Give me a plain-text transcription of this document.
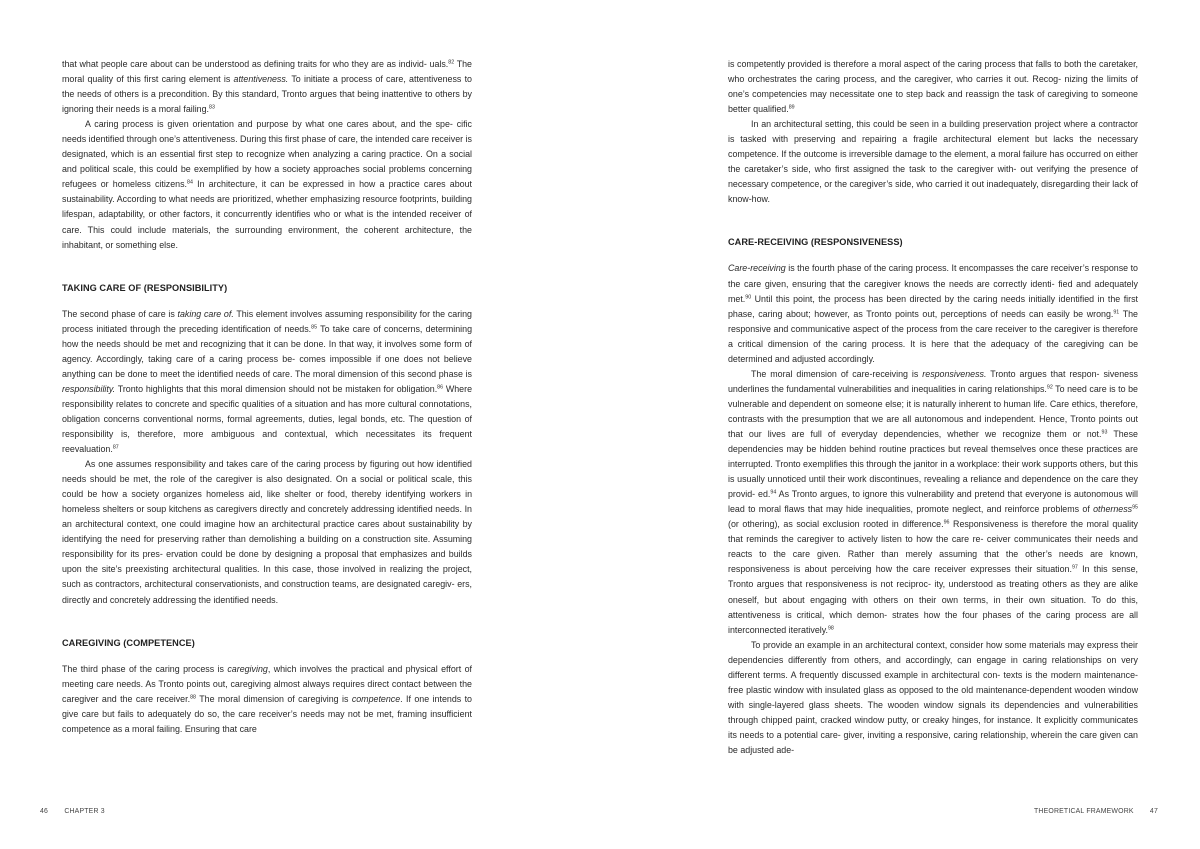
that what people care about can be understood as defining traits for who they are as individ- uals.$^{82}$ The moral quality of this first caring element is attentiveness. To initiate a process of care, attentiveness to the needs of others is a precondition. By this standard, Tronto argues that being inattentive to others by ignoring their needs is a moral failing.$^{83}$

A caring process is given orientation and purpose by what one cares about, and the spe- cific needs identified through one’s attentiveness. During this first phase of care, the intended care receiver is designated, which is an essential first step to recognize when analyzing a caring practice. On a social and political scale, this could be exemplified by how a society approaches social problems concerning refugees or homeless citizens.$^{84}$ In architecture, it can be expressed in how a practice cares about sustainability. According to what needs are prioritized, whether emphasizing resource footprints, building lifespan, adaptability, or other factors, it concurrently identifies who or what is the intended receiver of care. This could include materials, the surrounding environment, the coherent architecture, the inhabitant, or something else.

TAKING CARE OF (RESPONSIBILITY)

The second phase of care is taking care of. This element involves assuming responsibility for the caring process initiated through the preceding identification of needs.$^{85}$ To take care of concerns, determining how the needs should be met and recognizing that it can be done. In that way, it involves some form of agency. Accordingly, taking care of a caring process be- comes impossible if one does not believe anything can be done to meet the identified needs of care. The moral dimension of this second phase is responsibility. Tronto highlights that this moral dimension should not be mistaken for obligation.$^{86}$ Where responsibility relates to concrete and specific qualities of a situation and has more cultural connotations, obligation concerns conventional norms, formal agreements, duties, legal bonds, etc. The question of responsibility is, therefore, more ambiguous and contextual, which necessitates its frequent reevaluation.$^{87}$

As one assumes responsibility and takes care of the caring process by figuring out how identified needs should be met, the role of the caregiver is also designated. On a social or political scale, this could be how a society organizes homeless aid, like shelter or food, thereby identifying workers in homeless shelters or soup kitchens as caregivers directly and concretely addressing identified needs. In an architectural context, one could imagine how an architectural practice cares about sustainability by identifying the need for preserving rather than demolishing a building on a construction site. Assuming responsibility for its pres- ervation could be done by designing a proposal that emphasizes and builds upon the site’s preexisting architectural qualities. In this case, those involved in realizing the project, such as contractors, architectural conservationists, and construction teams, are designated caregiv- ers, directly and concretely addressing the identified needs.

CAREGIVING (COMPETENCE)

The third phase of the caring process is caregiving, which involves the practical and physical effort of meeting care needs. As Tronto points out, caregiving almost always requires direct contact between the caregiver and the care receiver.$^{88}$ The moral dimension of caregiving is competence. If one intends to give care but fails to adequately do so, the care receiver’s needs may not be met, framing insufficient competence as a moral failing. Ensuring that care

46 CHAPTER 3

is competently provided is therefore a moral aspect of the caring process that falls to both the caretaker, who orchestrates the caring process, and the caregiver, who carries it out. Recog- nizing the limits of one’s competencies may necessitate one to step back and reassign the task of caregiving to someone better qualified.$^{89}$

In an architectural setting, this could be seen in a building preservation project where a contractor is tasked with preserving and repairing a fragile architectural element but lacks the necessary competence. If the outcome is irreversible damage to the element, a moral failure has occurred on either the caretaker’s side, who first assigned the task to the caregiver with- out verifying the presence of necessary competence, or the caregiver’s side, who carried it out inadequately, disregarding their lack of know-how.

CARE-RECEIVING (RESPONSIVENESS)

Care-receiving is the fourth phase of the caring process. It encompasses the care receiver’s response to the care given, ensuring that the caregiver knows the needs are correctly identi- fied and adequately met.$^{90}$ Until this point, the process has been directed by the caring needs initially identified in the first phase, caring about; however, as Tronto points out, perceptions of needs can easily be wrong.$^{91}$ The responsive and communicative aspect of the process from the care receiver to the caregiver is therefore a critical dimension of the caring process. It is here that the adequacy of the caregiving can be determined and adjusted accordingly.

The moral dimension of care-receiving is responsiveness. Tronto argues that respon- siveness underlines the fundamental vulnerabilities and inequalities in caring relationships.$^{92}$ To need care is to be vulnerable and dependent on someone else; it is naturally inherent to human life. Care ethics, therefore, contrasts with the presumption that we are all autonomous and independent. Hence, Tronto points out that our lives are full of everyday dependencies, whether we recognize them or not.$^{93}$ These dependencies may be hidden behind routine practices but reveal themselves once these practices are interrupted. Tronto exemplifies this through the janitor in a workplace: their work supports others, but this is usually unnoticed until their work discontinues, revealing a reliance and dependence on the care they provid- ed.$^{94}$ As Tronto argues, to ignore this vulnerability and pretend that everyone is autonomous will lead to moral flaws that may hide inequalities, promote neglect, and reinforce problems of otherness$^{95}$ (or othering), as social exclusion rooted in difference.$^{96}$ Responsiveness is therefore the moral quality that reminds the caregiver to actively listen to how the care re- ceiver communicates their needs and reacts to the care given. Rather than merely assuming that the other’s needs are known, responsiveness is about perceiving how the care receiver expresses their situation.$^{97}$ In this sense, Tronto argues that responsiveness is not reciproc- ity, understood as treating others as they are alike oneself, but about engaging with others on their own terms, in their own situation. To do this, attentiveness is critical, which demon- strates how the four phases of the caring process are all interconnected iteratively.$^{98}$

To provide an example in an architectural context, consider how some materials may express their dependencies differently from others, and accordingly, can engage in caring relationships on very different terms. A frequently discussed example in architectural con- texts is the modern maintenance-free plastic window with insulated glass as opposed to the old maintenance-dependent wooden window with single-layered glass sheets. The wooden window signals its dependencies and vulnerabilities through chipped paint, cracked window putty, or creaky hinges, for instance. It explicitly communicates its needs to a potential care- giver, inviting a responsive, caring relationship, wherein the care given can be adjusted ade-

THEORETICAL FRAMEWORK 47
